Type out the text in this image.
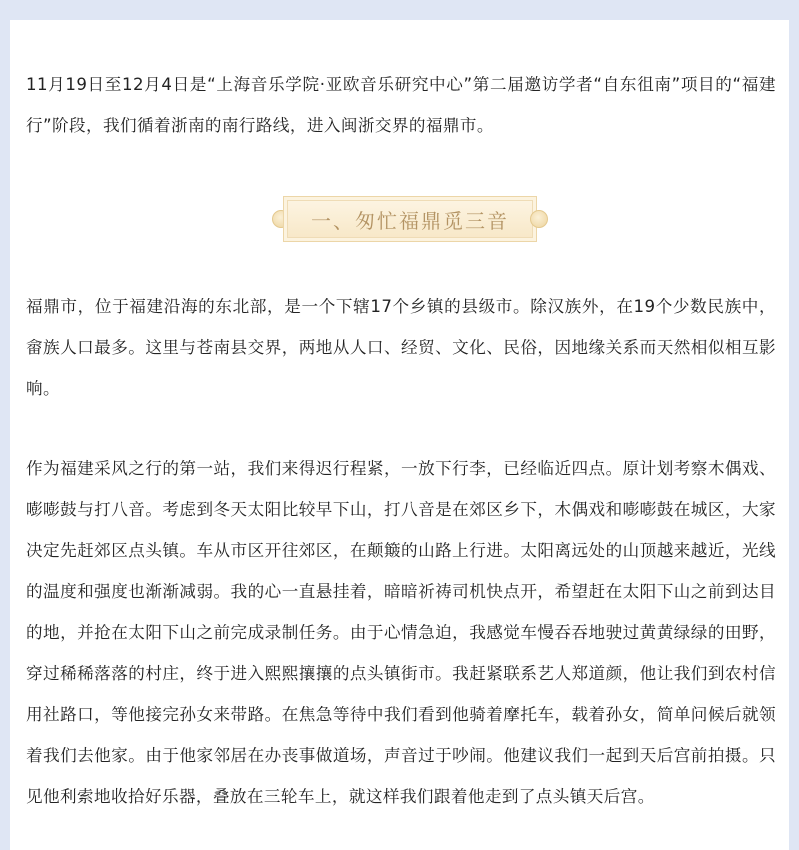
11月19日至12月4日是“上海音乐学院·亚欧音乐研究中心”第二届邀访学者“自东徂南”项目的“福建行”阶段，我们循着浙南的南行路线，进入闽浙交界的福鼎市。

一、匆忙福鼎觅三音

福鼎市，位于福建沿海的东北部，是一个下辖17个乡镇的县级市。除汉族外，在19个少数民族中，畲族人口最多。这里与苍南县交界，两地从人口、经贸、文化、民俗，因地缘关系而天然相似相互影响。

作为福建采风之行的第一站，我们来得迟行程紧，一放下行李，已经临近四点。原计划考察木偶戏、嘭嘭鼓与打八音。考虑到冬天太阳比较早下山，打八音是在郊区乡下，木偶戏和嘭嘭鼓在城区，大家决定先赶郊区点头镇。车从市区开往郊区，在颠簸的山路上行进。太阳离远处的山顶越来越近，光线的温度和强度也渐渐减弱。我的心一直悬挂着，暗暗祈祷司机快点开，希望赶在太阳下山之前到达目的地，并抢在太阳下山之前完成录制任务。由于心情急迫，我感觉车慢吞吞地驶过黄黄绿绿的田野，穿过稀稀落落的村庄，终于进入熙熙攘攘的点头镇街市。我赶紧联系艺人郑道颜，他让我们到农村信用社路口，等他接完孙女来带路。在焦急等待中我们看到他骑着摩托车，载着孙女，简单问候后就领着我们去他家。由于他家邻居在办丧事做道场，声音过于吵闹。他建议我们一起到天后宫前拍摄。只见他利索地收拾好乐器，叠放在三轮车上，就这样我们跟着他走到了点头镇天后宫。
